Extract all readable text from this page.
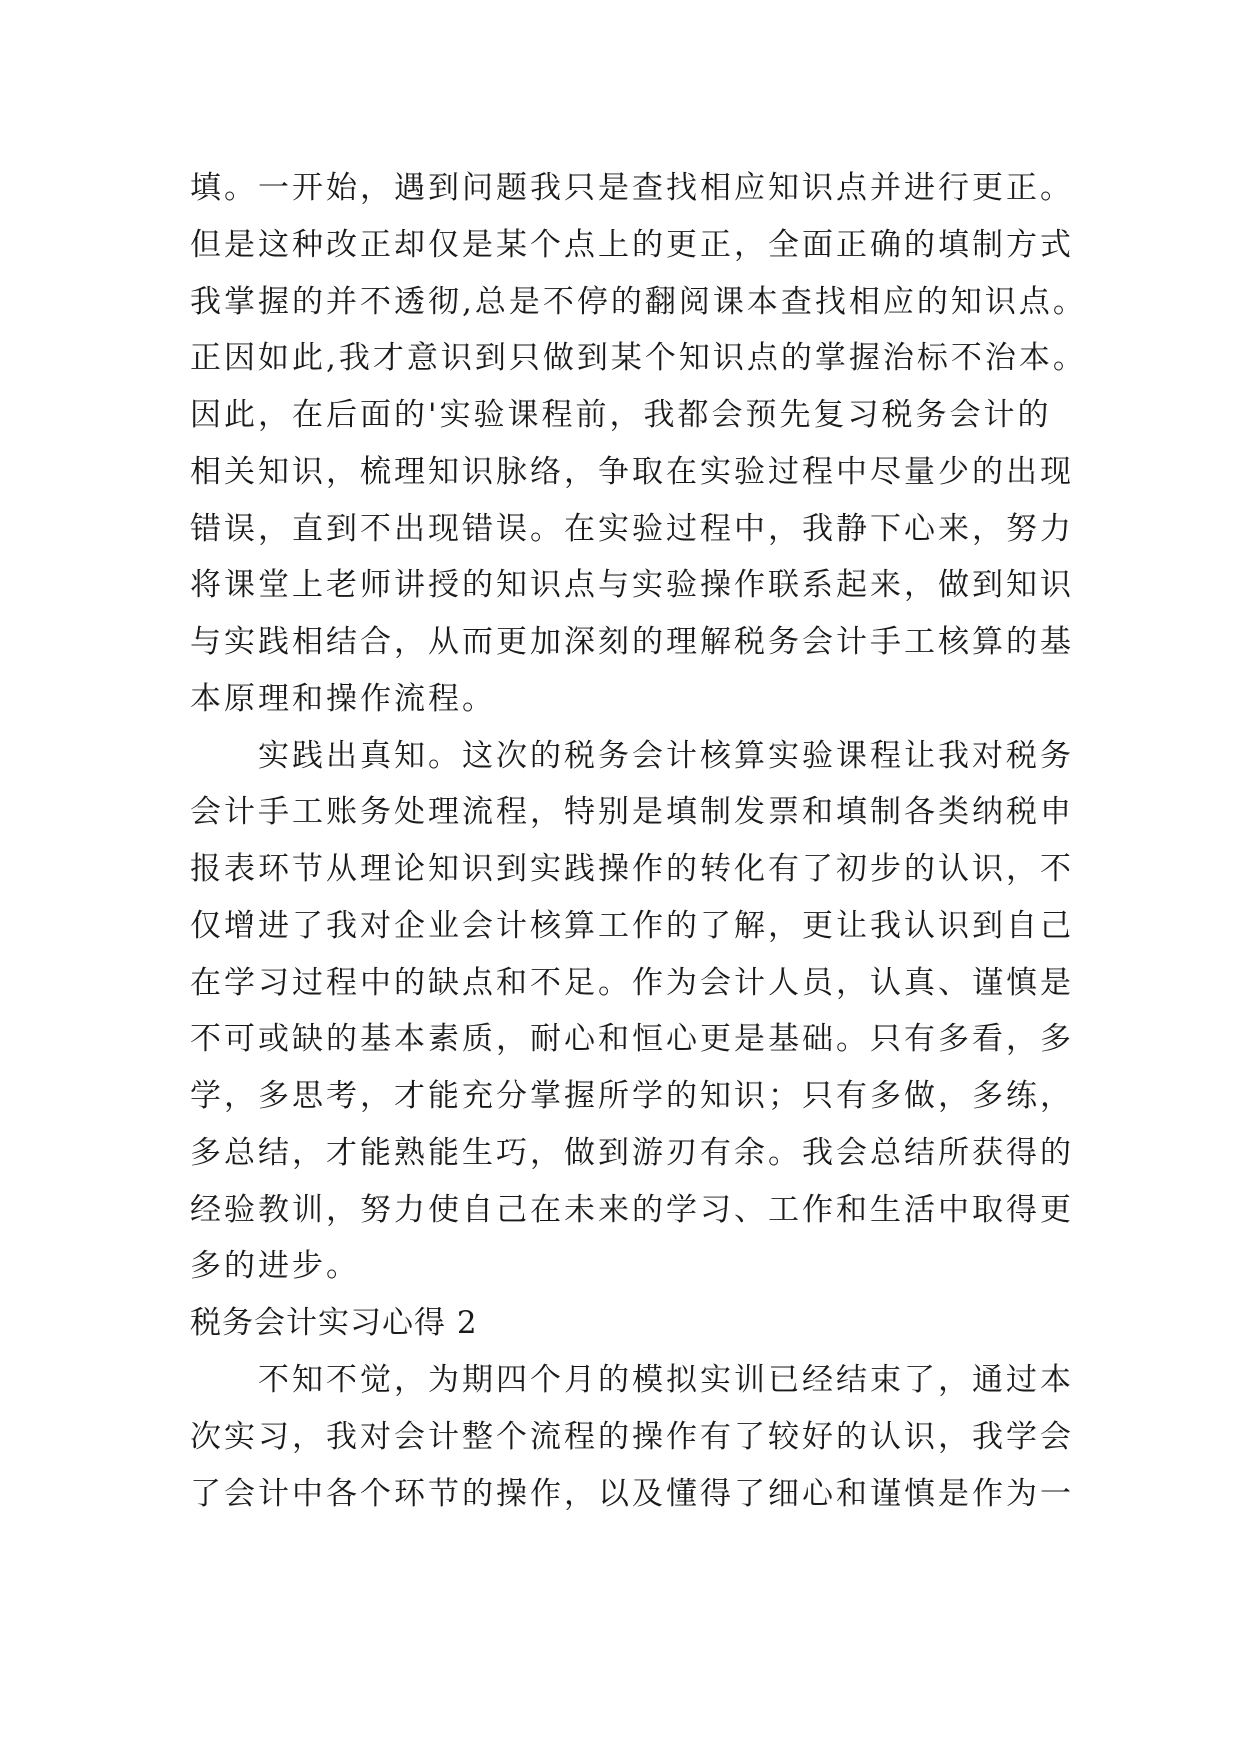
填。一开始，遇到问题我只是查找相应知识点并进行更正。
但是这种改正却仅是某个点上的更正，全面正确的填制方式
我掌握的并不透彻,总是不停的翻阅课本查找相应的知识点。
正因如此,我才意识到只做到某个知识点的掌握治标不治本。
因此，在后面的'实验课程前，我都会预先复习税务会计的
相关知识，梳理知识脉络，争取在实验过程中尽量少的出现
错误，直到不出现错误。在实验过程中，我静下心来，努力
将课堂上老师讲授的知识点与实验操作联系起来，做到知识
与实践相结合，从而更加深刻的理解税务会计手工核算的基
本原理和操作流程。
实践出真知。这次的税务会计核算实验课程让我对税务
会计手工账务处理流程，特别是填制发票和填制各类纳税申
报表环节从理论知识到实践操作的转化有了初步的认识，不
仅增进了我对企业会计核算工作的了解，更让我认识到自己
在学习过程中的缺点和不足。作为会计人员，认真、谨慎是
不可或缺的基本素质，耐心和恒心更是基础。只有多看，多
学，多思考，才能充分掌握所学的知识；只有多做，多练，
多总结，才能熟能生巧，做到游刃有余。我会总结所获得的
经验教训，努力使自己在未来的学习、工作和生活中取得更
多的进步。
税务会计实习心得 2
不知不觉，为期四个月的模拟实训已经结束了，通过本
次实习，我对会计整个流程的操作有了较好的认识，我学会
了会计中各个环节的操作，以及懂得了细心和谨慎是作为一
